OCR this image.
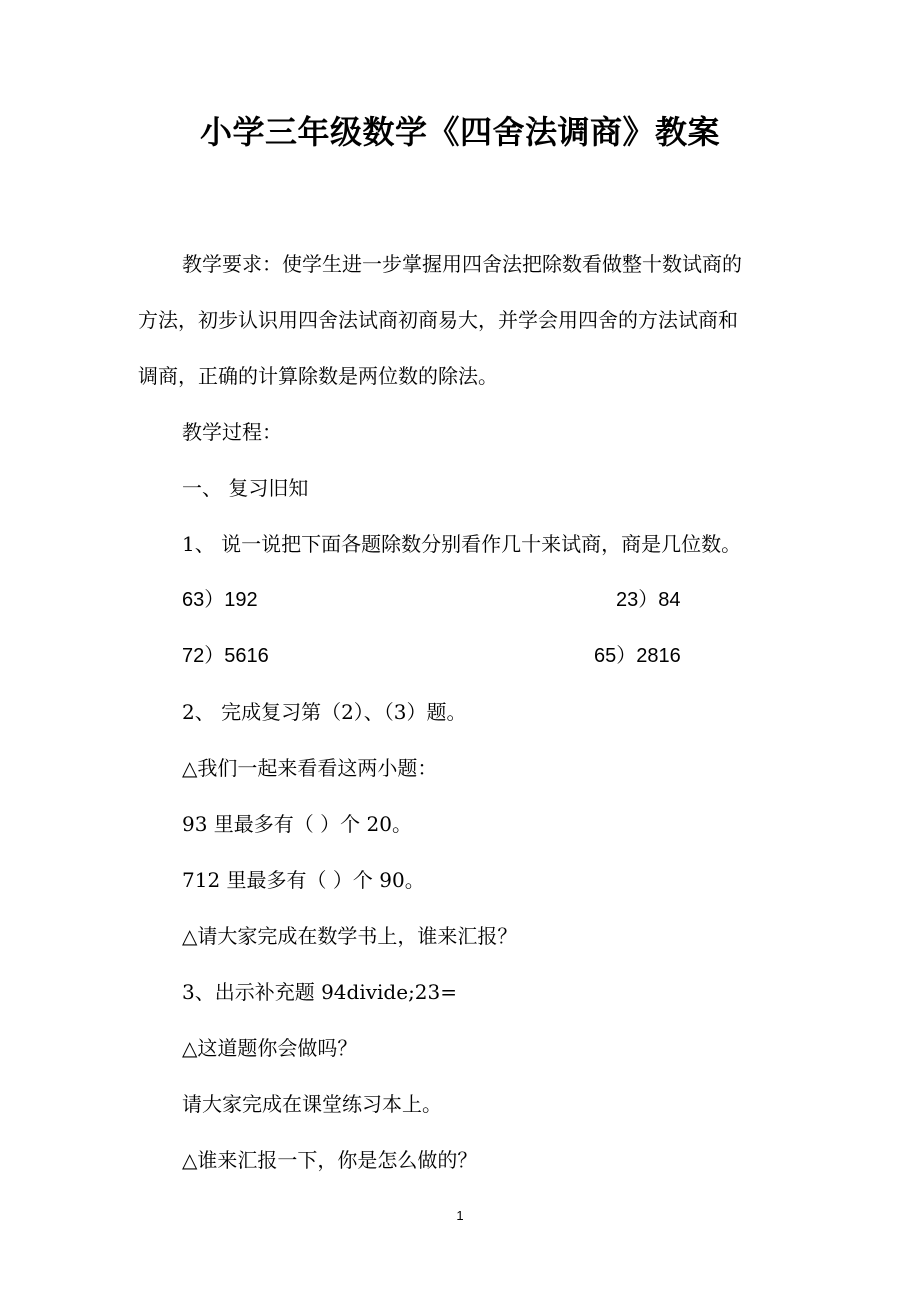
小学三年级数学《四舍法调商》教案
教学要求：使学生进一步掌握用四舍法把除数看做整十数试商的
方法，初步认识用四舍法试商初商易大，并学会用四舍的方法试商和
调商，正确的计算除数是两位数的除法。
教学过程：
一、 复习旧知
1、 说一说把下面各题除数分别看作几十来试商，商是几位数。
63）192	23）84
72）5616	65）2816
2、 完成复习第（2）、（3）题。
△我们一起来看看这两小题：
93 里最多有（ ）个 20。
712 里最多有（ ）个 90。
△请大家完成在数学书上，谁来汇报？
3、出示补充题 94divide;23=
△这道题你会做吗？
请大家完成在课堂练习本上。
△谁来汇报一下，你是怎么做的？
1
